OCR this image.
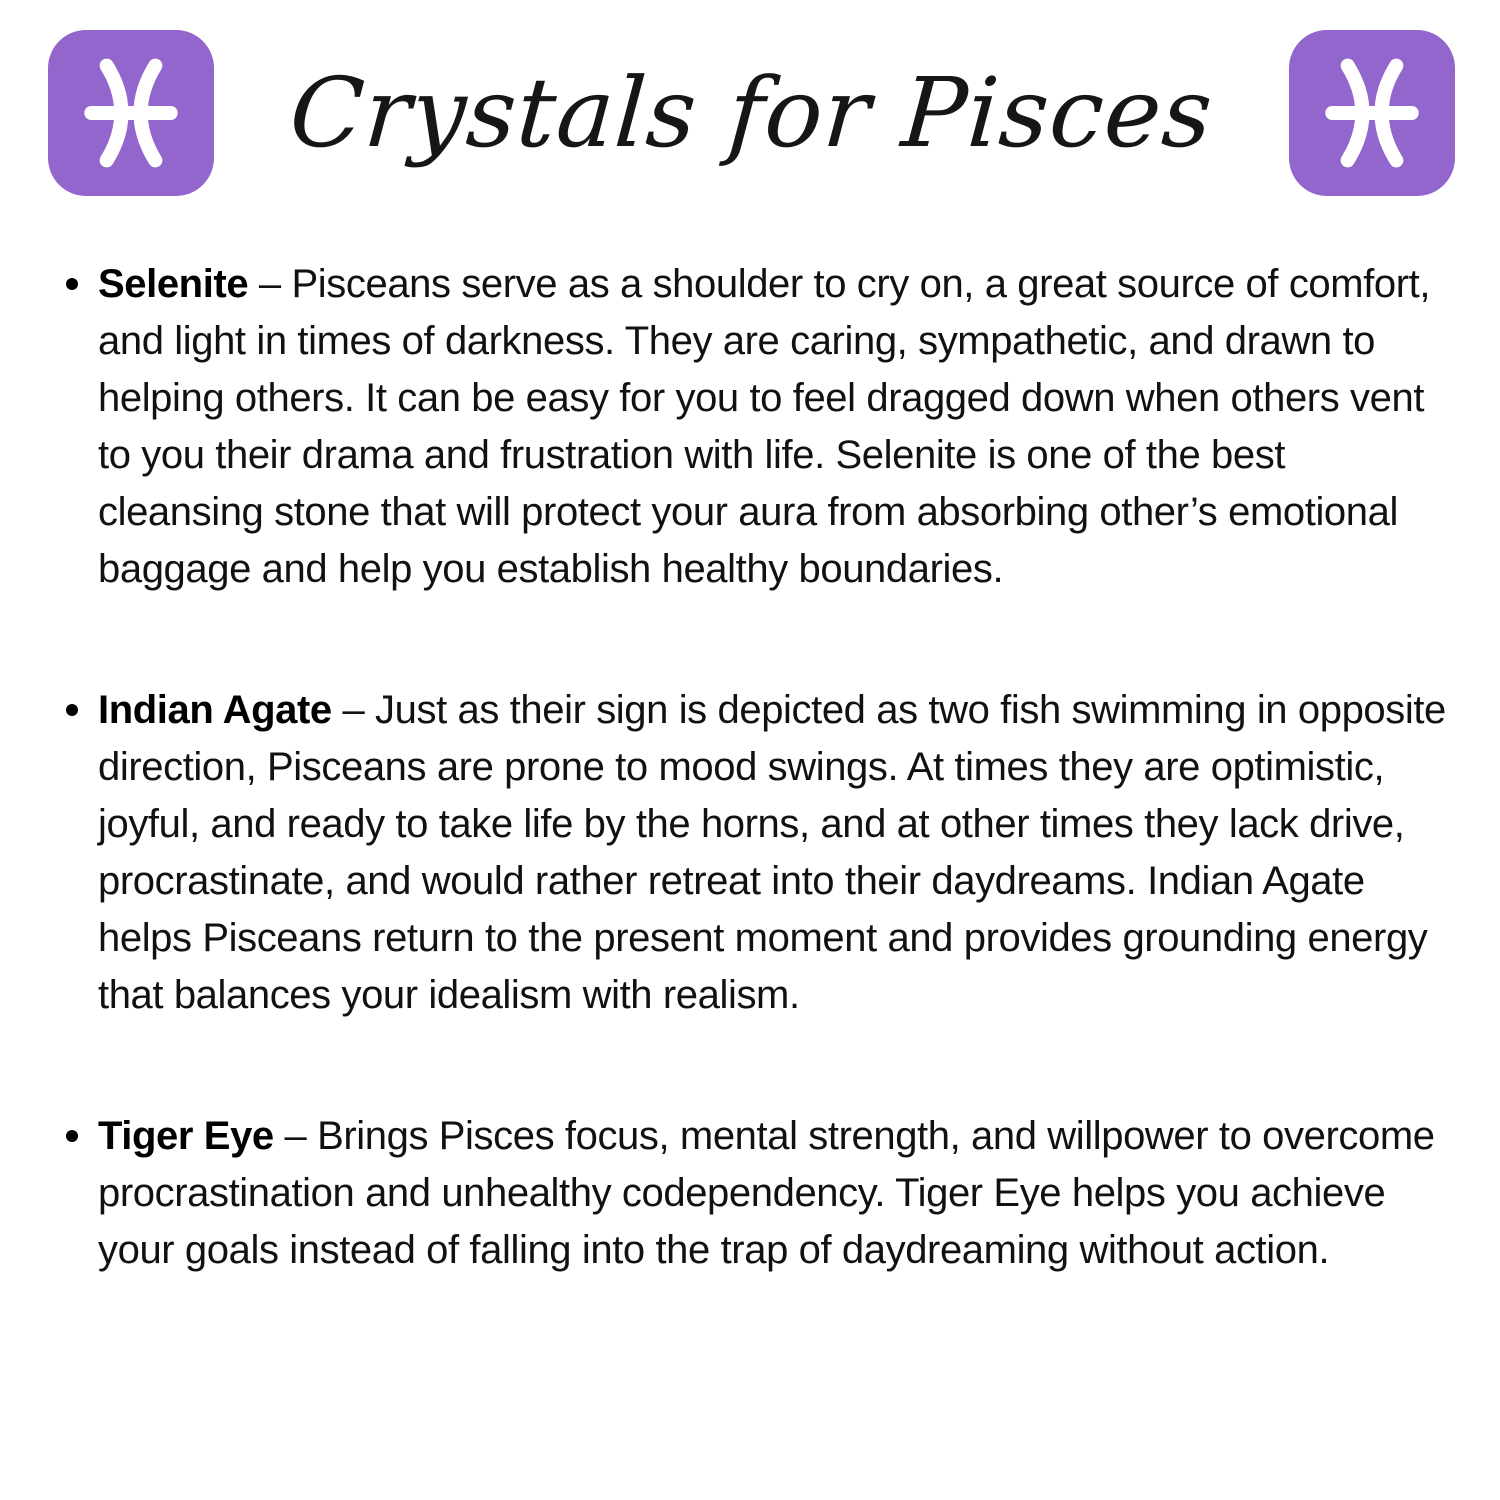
Crystals for Pisces

Selenite – Pisceans serve as a shoulder to cry on, a great source of comfort, and light in times of darkness. They are caring, sympathetic, and drawn to helping others. It can be easy for you to feel dragged down when others vent to you their drama and frustration with life. Selenite is one of the best cleansing stone that will protect your aura from absorbing other’s emotional baggage and help you establish healthy boundaries.

Indian Agate – Just as their sign is depicted as two fish swimming in opposite direction, Pisceans are prone to mood swings. At times they are optimistic, joyful, and ready to take life by the horns, and at other times they lack drive, procrastinate, and would rather retreat into their daydreams. Indian Agate helps Pisceans return to the present moment and provides grounding energy that balances your idealism with realism.

Tiger Eye – Brings Pisces focus, mental strength, and willpower to overcome procrastination and unhealthy codependency. Tiger Eye helps you achieve your goals instead of falling into the trap of daydreaming without action.
